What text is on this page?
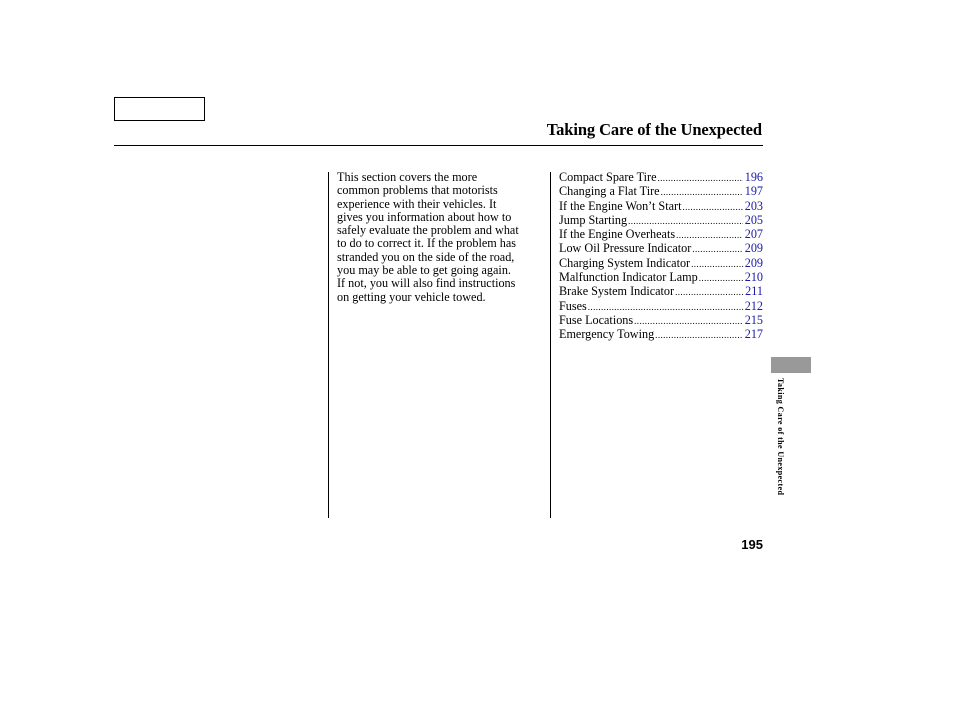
Taking Care of the Unexpected

This section covers the more
common problems that motorists
experience with their vehicles. It
gives you information about how to
safely evaluate the problem and what
to do to correct it. If the problem has
stranded you on the side of the road,
you may be able to get going again.
If not, you will also find instructions
on getting your vehicle towed.

Compact Spare Tire .....	196
Changing a Flat Tire .....	197
If the Engine Won’t Start .....	203
Jump Starting .....	205
If the Engine Overheats .....	207
Low Oil Pressure Indicator .....	209
Charging System Indicator .....	209
Malfunction Indicator Lamp .....	210
Brake System Indicator .....	211
Fuses .....	212
Fuse Locations .....	215
Emergency Towing .....	217
Taking Care of the Unexpected
195
